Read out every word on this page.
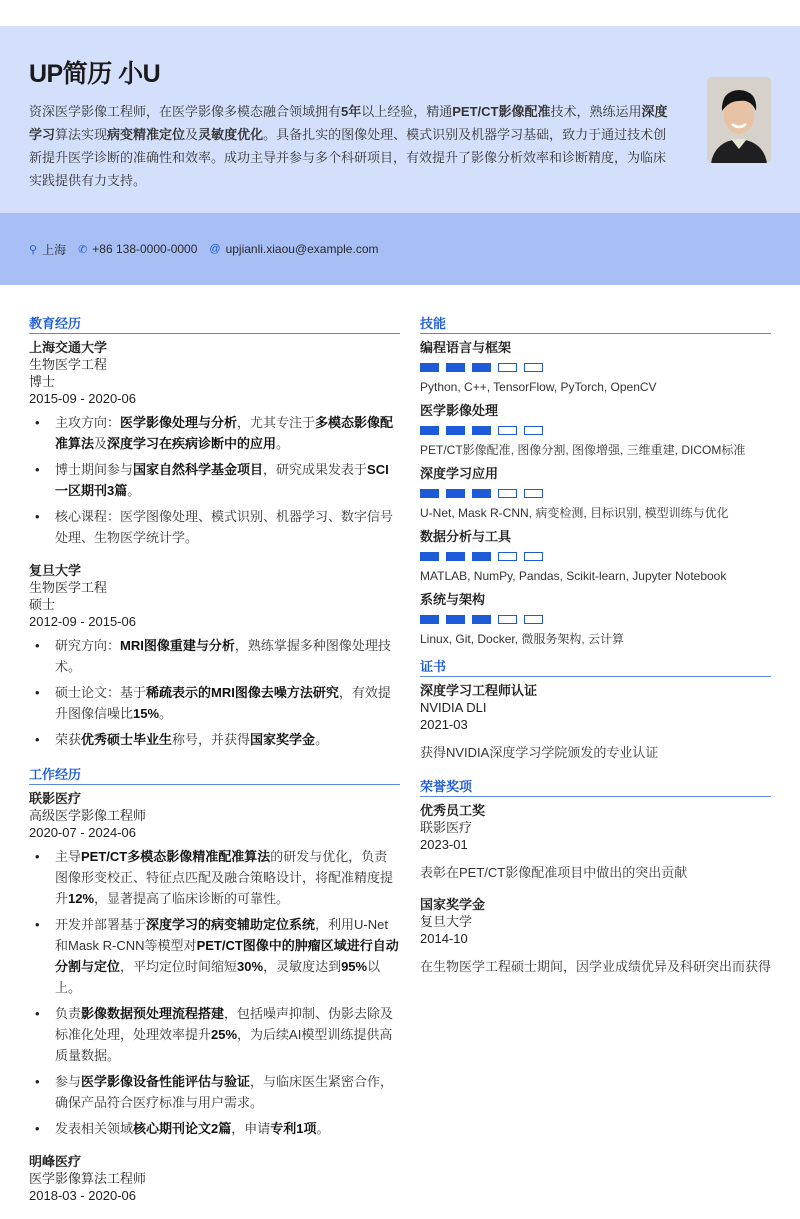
UP简历 小U

资深医学影像工程师，在医学影像多模态融合领域拥有5年以上经验，精通PET/CT影像配准技术，熟练运用深度学习算法实现病变精准定位及灵敏度优化。具备扎实的图像处理、模式识别及机器学习基础，致力于通过技术创新提升医学诊断的准确性和效率。成功主导并参与多个科研项目，有效提升了影像分析效率和诊断精度，为临床实践提供有力支持。

⚲ 上海 ✆ +86 138-0000-0000 @ upjianli.xiaou@example.com
教育经历
上海交通大学
生物医学工程
博士
2015-09 - 2020-06
• 主攻方向：医学影像处理与分析，尤其专注于多模态影像配准算法及深度学习在疾病诊断中的应用。
• 博士期间参与国家自然科学基金项目，研究成果发表于SCI一区期刊3篇。
• 核心课程：医学图像处理、模式识别、机器学习、数字信号处理、生物医学统计学。
复旦大学
生物医学工程
硕士
2012-09 - 2015-06
• 研究方向：MRI图像重建与分析，熟练掌握多种图像处理技术。
• 硕士论文：基于稀疏表示的MRI图像去噪方法研究，有效提升图像信噪比15%。
• 荣获优秀硕士毕业生称号，并获得国家奖学金。
工作经历
联影医疗
高级医学影像工程师
2020-07 - 2024-06
• 主导PET/CT多模态影像精准配准算法的研发与优化，负责图像形变校正、特征点匹配及融合策略设计，将配准精度提升12%，显著提高了临床诊断的可靠性。
• 开发并部署基于深度学习的病变辅助定位系统，利用U-Net和Mask R-CNN等模型对PET/CT图像中的肿瘤区域进行自动分割与定位，平均定位时间缩短30%，灵敏度达到95%以上。
• 负责影像数据预处理流程搭建，包括噪声抑制、伪影去除及标准化处理，处理效率提升25%，为后续AI模型训练提供高质量数据。
• 参与医学影像设备性能评估与验证，与临床医生紧密合作，确保产品符合医疗标准与用户需求。
• 发表相关领域核心期刊论文2篇，申请专利1项。
明峰医疗
医学影像算法工程师
2018-03 - 2020-06
技能
编程语言与框架
Python, C++, TensorFlow, PyTorch, OpenCV
医学影像处理
PET/CT影像配准, 图像分割, 图像增强, 三维重建, DICOM标准
深度学习应用
U-Net, Mask R-CNN, 病变检测, 目标识别, 模型训练与优化
数据分析与工具
MATLAB, NumPy, Pandas, Scikit-learn, Jupyter Notebook
系统与架构
Linux, Git, Docker, 微服务架构, 云计算
证书
深度学习工程师认证
NVIDIA DLI
2021-03
获得NVIDIA深度学习学院颁发的专业认证
荣誉奖项
优秀员工奖
联影医疗
2023-01
表彰在PET/CT影像配准项目中做出的突出贡献
国家奖学金
复旦大学
2014-10
在生物医学工程硕士期间，因学业成绩优异及科研突出而获得
